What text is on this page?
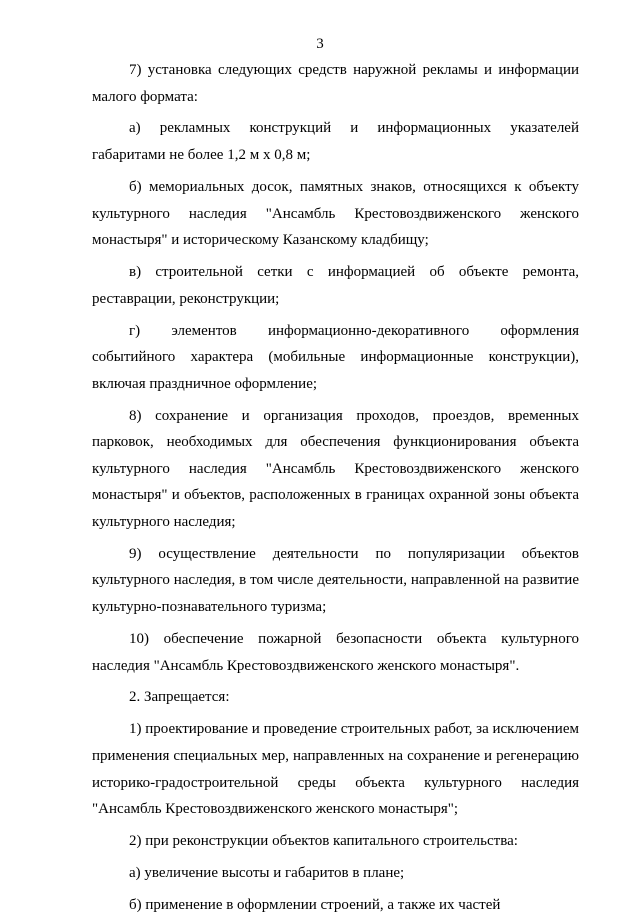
3

7) установка следующих средств наружной рекламы и информации малого формата:

а) рекламных конструкций и информационных указателей габаритами не более 1,2 м х 0,8 м;

б) мемориальных досок, памятных знаков, относящихся к объекту культурного наследия "Ансамбль Крестовоздвиженского женского монастыря" и историческому Казанскому кладбищу;

в) строительной сетки с информацией об объекте ремонта, реставрации, реконструкции;

г) элементов информационно-декоративного оформления событийного характера (мобильные информационные конструкции), включая праздничное оформление;

8) сохранение и организация проходов, проездов, временных парковок, необходимых для обеспечения функционирования объекта культурного наследия "Ансамбль Крестовоздвиженского женского монастыря" и объектов, расположенных в границах охранной зоны объекта культурного наследия;

9) осуществление деятельности по популяризации объектов культурного наследия, в том числе деятельности, направленной на развитие культурно-познавательного туризма;

10) обеспечение пожарной безопасности объекта культурного наследия "Ансамбль Крестовоздвиженского женского монастыря".

2. Запрещается:

1) проектирование и проведение строительных работ, за исключением применения специальных мер, направленных на сохранение и регенерацию историко-градостроительной среды объекта культурного наследия "Ансамбль Крестовоздвиженского женского монастыря";

2) при реконструкции объектов капитального строительства:

а) увеличение высоты и габаритов в плане;

б) применение в оформлении строений, а также их частей
